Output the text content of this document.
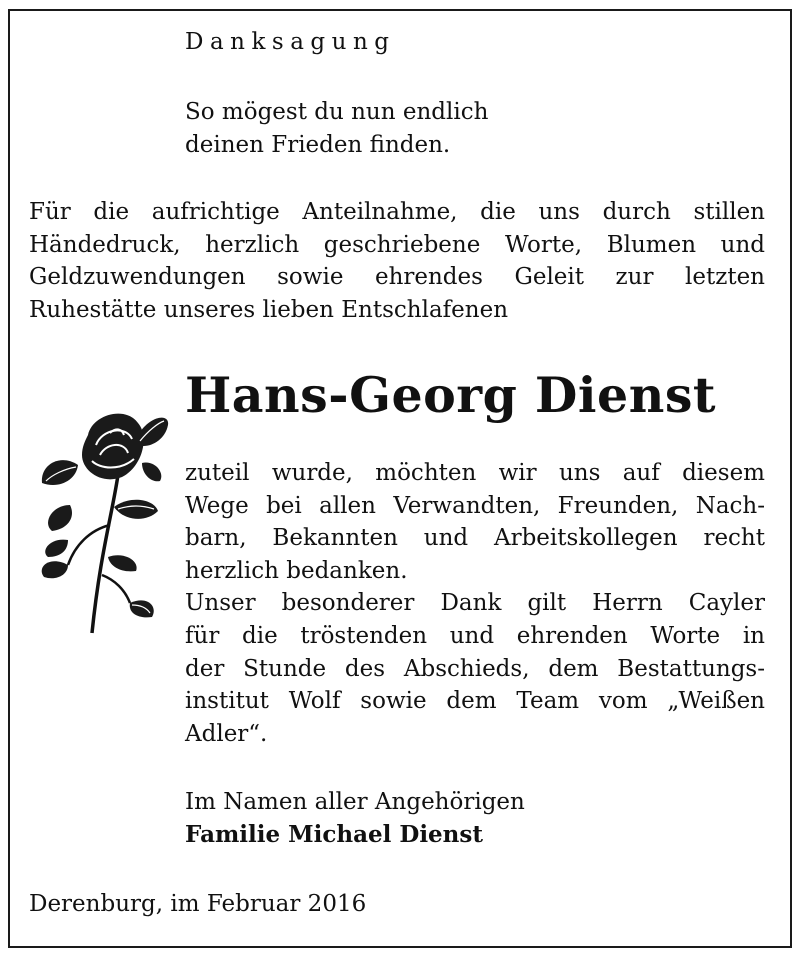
Danksagung
So mögest du nun endlich
deinen Frieden finden.
Für die aufrichtige Anteilnahme, die uns durch stillen
Händedruck, herzlich geschriebene Worte, Blumen und
Geldzuwendungen sowie ehrendes Geleit zur letzten
Ruhestätte unseres lieben Entschlafenen
Hans-Georg Dienst
zuteil wurde, möchten wir uns auf diesem
Wege bei allen Verwandten, Freunden, Nach-
barn, Bekannten und Arbeitskollegen recht
herzlich bedanken.
Unser besonderer Dank gilt Herrn Cayler
für die tröstenden und ehrenden Worte in
der Stunde des Abschieds, dem Bestattungs-
institut Wolf sowie dem Team vom „Weißen
Adler“.
Im Namen aller Angehörigen
Familie Michael Dienst
Derenburg, im Februar 2016
